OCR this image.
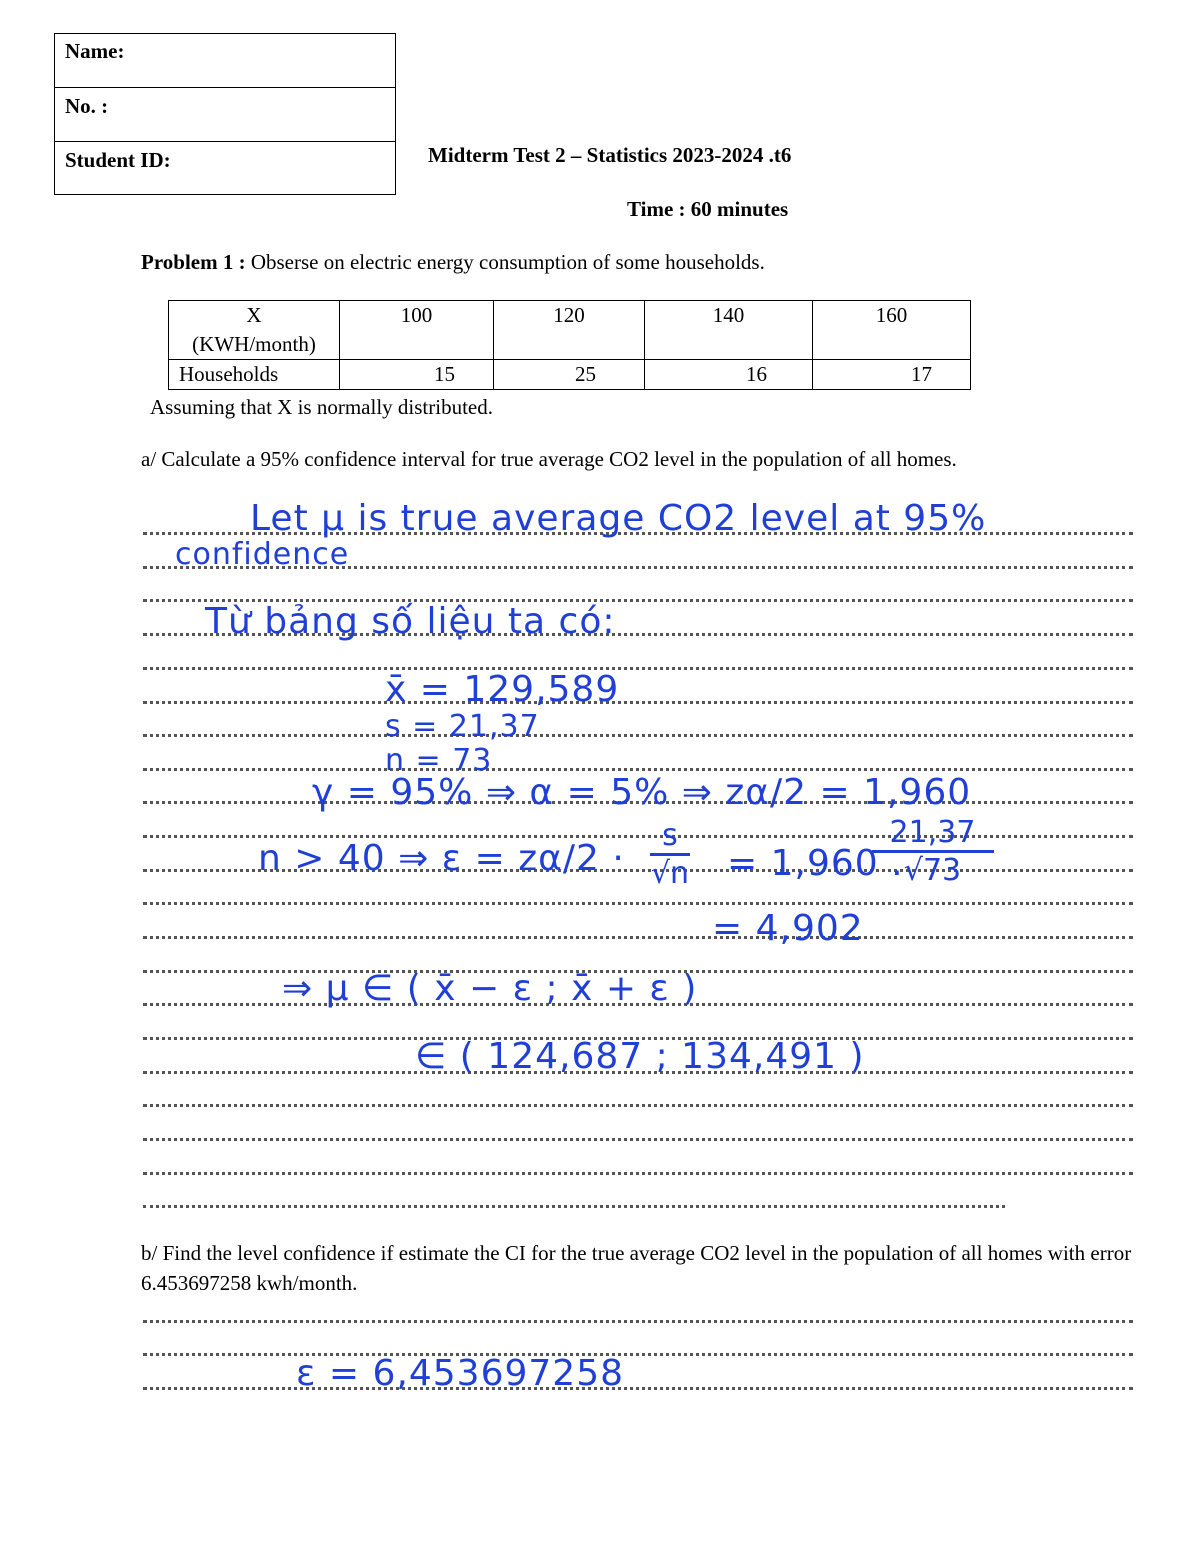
Name:
No. :
Student ID:	Midterm Test 2 – Statistics 2023-2024 .t6
Time : 60 minutes
Problem 1 : Obserse on electric energy consumption of some households.
X
(KWH/month)	100	120	140	160
Households	15	25	16	17
Assuming that X is normally distributed.
a/ Calculate a 95% confidence interval for true average CO2 level in the population of all homes.
Let μ is true average CO2 level at 95%
confidence
Từ bảng số liệu ta có:
x̄ = 129,589
s = 21,37
n = 73
γ = 95% ⇒ α = 5% ⇒ zα/2 = 1,960
n > 40 ⇒ ε = zα/2 ·
s
√n = 1,960 .
21,37
√73
= 4,902
⇒ μ ∈ ( x̄ − ε ; x̄ + ε )
∈ ( 124,687 ; 134,491 )
b/ Find the level confidence if estimate the CI for the true average CO2 level in the population of all homes with error 6.453697258 kwh/month.
ε = 6,453697258
